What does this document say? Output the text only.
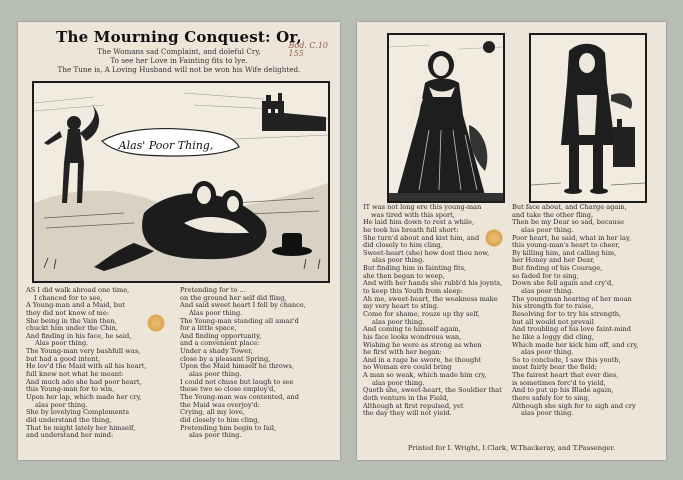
The Mourning Conquest: Or,
The Womans sad Complaint, and doleful Cry,
To see her Love in Fainting fits to lye.
The Tune is, A Loving Husband will not be won his Wife delighted.
Bod. C.10
155
Alas' Poor Thing,
AS I did walk abroad one time,
I chanced for to see,
A Young-man and a Maid, but
they did not know of me:
She being in the Vain then,
chuckt him under the Chin,
And finding in his face, he said,
Alas poor thing.
The Young-man very bashfull was,
but had a good intent,
He lov'd the Maid with all his heart,
full knew not what he meant:
And much ado she had poor heart,
this Young-man for to win,
Upon her lap, which made her cry,
alas poor thing.
She by lovelying Complements
did understand the thing,
That he might lately her himself,
and understand her mind:
Pretending for to ...
on the ground her self did fling,
And said sweet heart I fell by chance,
Alas poor thing.
The Young-man standing all amaz'd
for a little space,
And finding opportunity,
and a convenient place:
Under a shady Tower,
close by a pleasant Spring,
Upon the Maid himself he throws,
alas poor thing.
I could not chuse but laugh to see
these two so close employ'd,
The Young-man was contented, and
the Maid was overjoy'd:
Crying, all my love,
did closely to him cling,
Pretending him begin to fail,
alas poor thing.
IT was not long ere this young-man
was tired with this sport,
He laid him down to rest a while,
he took his breath full short:
She turn'd about and kist him, and
did closely to him cling,
Sweet-heart (she) how dost thou now,
alas poor thing.
But finding him in fainting fits,
she then began to weep,
And with her hands she rubb'd his joynts,
to keep this Youth from sleep:
Ah me, sweet-heart, the weakness make
my very heart to sting.
Come for shame, rouze up thy self,
alas poor thing.
And coming to himself again,
his face looks wondrous wan,
Wishing he were as strong as when
he first with her began:
And in a rage he swore, he thought
no Woman ere could bring
A man so weak, which made him cry,
alas poor thing.
Quoth she, sweet-heart, the Souldier that
doth venture in the Field,
Although at first repulsed, yet
the day they will not yield.
But face about, and Charge again,
and take the other fling,
Then be my Dear so sad, because
alas poor thing.
Poor heart, he said, what in her lay,
this young-man's heart to cheer,
By killing him, and calling him,
her Honey and her Dear,
But finding of his Courage,
so faded for to sing,
Down she fell again and cry'd,
alas poor thing.
The youngman hearing of her moan
his strength for to raise,
Resolving for to try his strength,
but all would not prevail
And troubling of his love faint-mind
he like a loggy did cling,
Which made her kick him off, and cry,
alas poor thing.
So to conclude, I saw this youth,
most fairly bear the field;
The fairest heart that ever dies,
is sometimes forc'd to yield,
And to put up his Blade again,
there safely for to sing,
Although she sigh for to sigh and cry
alas poor thing.
Printed for I. Wright, I.Clark, W.Thackeray, and T.Passenger.
